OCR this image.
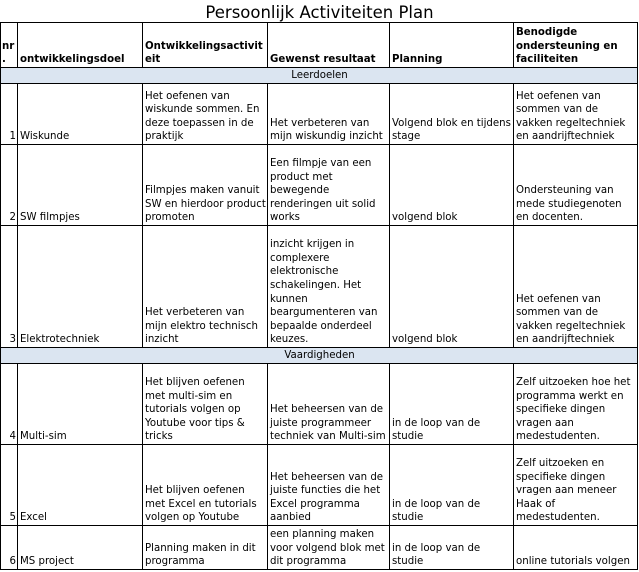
Persoonlijk Activiteiten Plan
nr.	ontwikkelingsdoel	Ontwikkelingsactiviteit	Gewenst resultaat	Planning	Benodigde ondersteuning en faciliteiten
Leerdoelen					
1	Wiskunde	Het oefenen van wiskunde sommen. En deze toepassen in de praktijk	Het verbeteren van mijn wiskundig inzicht	Volgend blok en tijdens stage	Het oefenen van sommen van de vakken regeltechniek en aandrijftechniek
2	SW filmpjes	Filmpjes maken vanuit SW en hierdoor product promoten	Een filmpje van een product met bewegende renderingen uit solid works	volgend blok	Ondersteuning van mede studiegenoten en docenten.
3	Elektrotechniek	Het verbeteren van mijn elektro technisch inzicht	inzicht krijgen in complexere elektronische schakelingen. Het kunnen beargumenteren van bepaalde onderdeel keuzes.	volgend blok	Het oefenen van sommen van de vakken regeltechniek en aandrijftechniek
Vaardigheden					
4	Multi-sim	Het blijven oefenen met multi-sim en tutorials volgen op Youtube voor tips & tricks	Het beheersen van de juiste programmeer techniek van Multi-sim	in de loop van de studie	Zelf uitzoeken hoe het programma werkt en specifieke dingen vragen aan medestudenten.
5	Excel	Het blijven oefenen met Excel en tutorials volgen op Youtube	Het beheersen van de juiste functies die het Excel programma aanbied	in de loop van de studie	Zelf uitzoeken en specifieke dingen vragen aan meneer Haak of medestudenten.
6	MS project	Planning maken in dit programma	een planning maken voor volgend blok met dit programma	in de loop van de studie	online tutorials volgen
